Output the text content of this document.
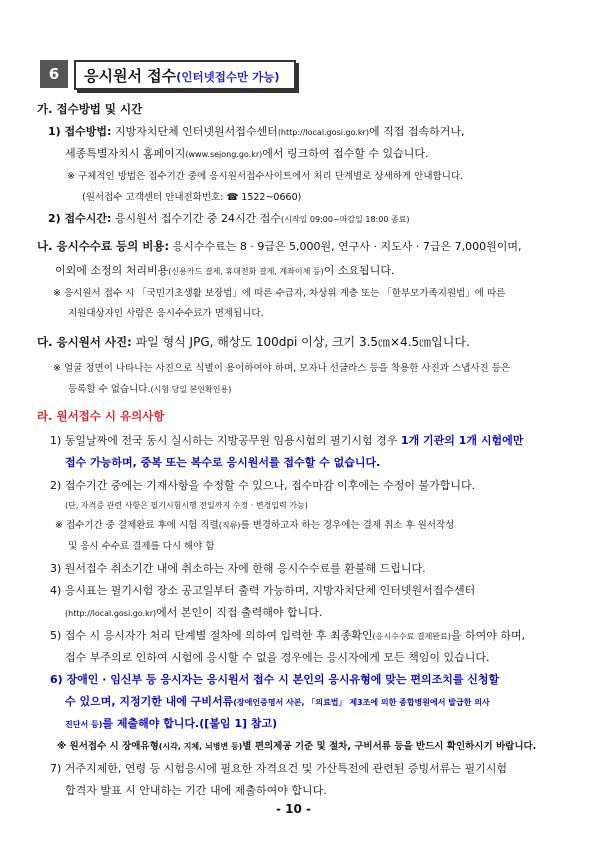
6	응시원서 접수(인터넷접수만 가능)
가. 접수방법 및 시간
1) 접수방법: 지방자치단체 인터넷원서접수센터(http://local.gosi.go.kr)에 직접 접속하거나,
세종특별자치시 홈페이지(www.sejong.go.kr)에서 링크하여 접수할 수 있습니다.
※ 구체적인 방법은 접수기간 중에 응시원서접수사이트에서 처리 단계별로 상세하게 안내합니다.
(원서접수 고객센터 안내전화번호: ☎ 1522~0660)
2) 접수시간: 응시원서 접수기간 중 24시간 접수(시작일 09:00~마감일 18:00 종료)
나. 응시수수료 등의 비용: 응시수수료는 8 · 9급은 5,000원, 연구사 · 지도사 · 7급은 7,000원이며,
이외에 소정의 처리비용(신용카드 결제, 휴대전화 결제, 계좌이체 등)이 소요됩니다.
※ 응시원서 접수 시 「국민기초생활 보장법」에 따른 수급자, 차상위 계층 또는 「한부모가족지원법」에 따른
지원대상자인 사람은 응시수수료가 면제됩니다.
다. 응시원서 사진: 파일 형식 JPG, 해상도 100dpi 이상, 크기 3.5㎝×4.5㎝입니다.
※ 얼굴 정면이 나타나는 사진으로 식별이 용이하여야 하며, 모자나 선글라스 등을 착용한 사진과 스냅사진 등은
등록할 수 없습니다.(시험 당일 본인확인용)
라. 원서접수 시 유의사항
1) 동일날짜에 전국 동시 실시하는 지방공무원 임용시험의 필기시험 경우 1개 기관의 1개 시험에만
접수 가능하며, 중복 또는 복수로 응시원서를 접수할 수 없습니다.
2) 접수기간 중에는 기재사항을 수정할 수 있으나, 접수마감 이후에는 수정이 불가합니다.
(단, 자격증 관련 사항은 필기시험시행 전일까지 수정 · 변경입력 가능)
※ 접수기간 중 결제완료 후에 시험 직렬(직류)를 변경하고자 하는 경우에는 결제 취소 후 원서작성
및 응시 수수료 결제를 다시 해야 함
3) 원서접수 취소기간 내에 취소하는 자에 한해 응시수수료를 환불해 드립니다.
4) 응시표는 필기시험 장소 공고일부터 출력 가능하며, 지방자치단체 인터넷원서접수센터
(http://local.gosi.go.kr)에서 본인이 직접 출력해야 합니다.
5) 접수 시 응시자가 처리 단계별 절차에 의하여 입력한 후 최종확인(응시수수료 결제완료)을 하여야 하며,
접수 부주의로 인하여 시험에 응시할 수 없을 경우에는 응시자에게 모든 책임이 있습니다.
6) 장애인 · 임신부 등 응시자는 응시원서 접수 시 본인의 응시유형에 맞는 편의조치를 신청할
수 있으며, 지정기한 내에 구비서류(장애인증명서 사본, 「의료법」 제3조에 의한 종합병원에서 발급한 의사
진단서 등)를 제출해야 합니다.([붙임 1] 참고)
※ 원서접수 시 장애유형(시각, 지체, 뇌병변 등)별 편의제공 기준 및 절차, 구비서류 등을 반드시 확인하시기 바랍니다.
7) 거주지제한, 연령 등 시험응시에 필요한 자격요건 및 가산특전에 관련된 증빙서류는 필기시험
합격자 발표 시 안내하는 기간 내에 제출하여야 합니다.
- 10 -
